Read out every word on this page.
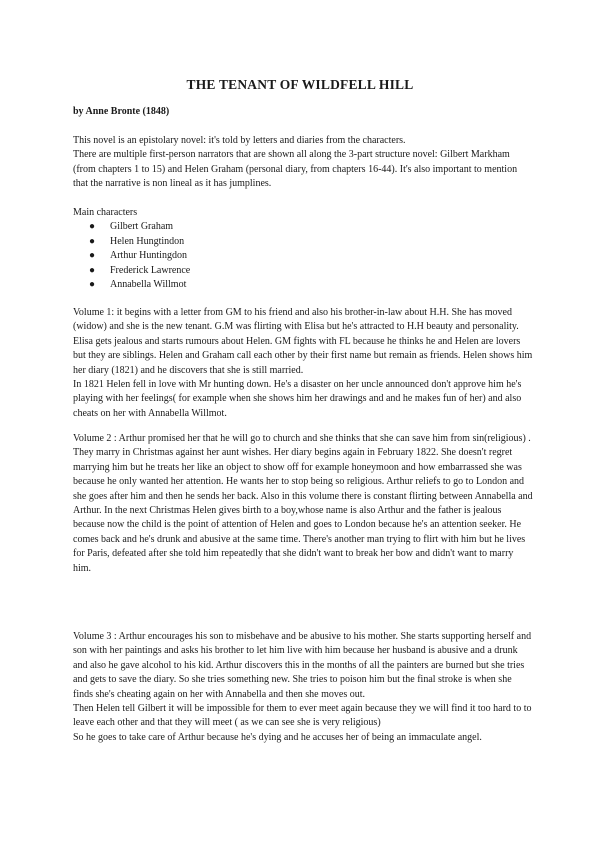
THE TENANT OF WILDFELL HILL
by Anne Bronte (1848)

This novel is an epistolary novel: it's told by letters and diaries from the characters.

There are multiple first-person narrators that are shown all along the 3-part structure novel: Gilbert Markham (from chapters 1 to 15) and Helen Graham (personal diary, from chapters 16-44). It's also important to mention that the narrative is non lineal as it has jumplines.

Main characters

● Gilbert Graham
● Helen Hungtindon
● Arthur Huntingdon
● Frederick Lawrence
● Annabella Willmot

Volume 1: it begins with a letter from GM to his friend and also his brother-in-law about H.H. She has moved (widow) and she is the new tenant. G.M was flirting with Elisa but he's attracted to H.H beauty and personality. Elisa gets jealous and starts rumours about Helen. GM fights with FL because he thinks he and Helen are lovers but they are siblings. Helen and Graham call each other by their first name but remain as friends. Helen shows him her diary (1821) and he discovers that she is still married.

In 1821 Helen fell in love with Mr hunting down. He's a disaster on her uncle announced don't approve him he's playing with her feelings( for example when she shows him her drawings and and he makes fun of her) and also cheats on her with Annabella Willmot.

Volume 2 : Arthur promised her that he will go to church and she thinks that she can save him from sin(religious) . They marry in Christmas against her aunt wishes. Her diary begins again in February 1822. She doesn't regret marrying him but he treats her like an object to show off for example honeymoon and how embarrassed she was because he only wanted her attention. He wants her to stop being so religious. Arthur reliefs to go to London and she goes after him and then he sends her back. Also in this volume there is constant flirting between Annabella and Arthur. In the next Christmas Helen gives birth to a boy,whose name is also Arthur and the father is jealous because now the child is the point of attention of Helen and goes to London because he's an attention seeker. He comes back and he's drunk and abusive at the same time. There's another man trying to flirt with him but he lives for Paris, defeated after she told him repeatedly that she didn't want to break her bow and didn't want to marry him.

Volume 3 : Arthur encourages his son to misbehave and be abusive to his mother. She starts supporting herself and son with her paintings and asks his brother to let him live with him because her husband is abusive and a drunk and also he gave alcohol to his kid. Arthur discovers this in the months of all the painters are burned but she tries and gets to save the diary. So she tries something new. She tries to poison him but the final stroke is when she finds she's cheating again on her with Annabella and then she moves out.

Then Helen tell Gilbert it will be impossible for them to ever meet again because they we will find it too hard to to leave each other and that they will meet ( as we can see she is very religious)

So he goes to take care of Arthur because he's dying and he accuses her of being an immaculate angel.
